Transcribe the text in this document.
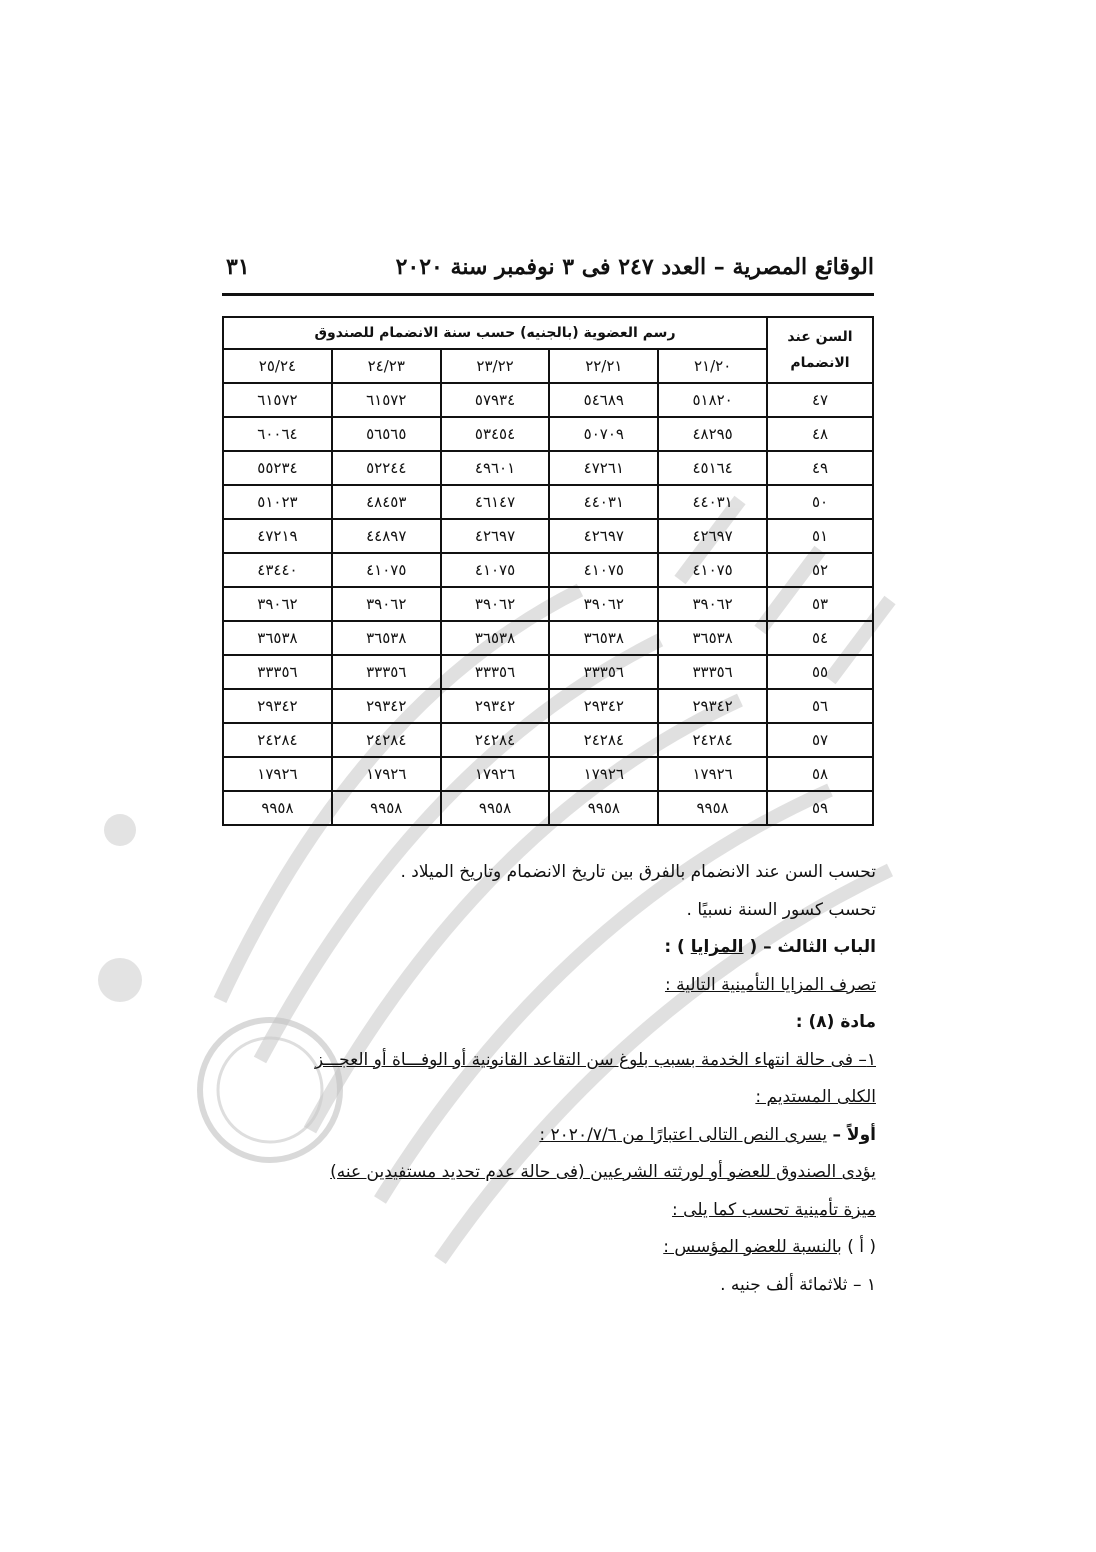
الوقائع المصرية – العدد ٢٤٧ فى ٣ نوفمبر سنة ٢٠٢٠
٣١
السن عند الانضمام	رسم العضوية (بالجنيه) حسب سنة الانضمام للصندوق				
	٢١/٢٠	٢٢/٢١	٢٣/٢٢	٢٤/٢٣	٢٥/٢٤
٤٧	٥١٨٢٠	٥٤٦٨٩	٥٧٩٣٤	٦١٥٧٢	٦١٥٧٢
٤٨	٤٨٢٩٥	٥٠٧٠٩	٥٣٤٥٤	٥٦٥٦٥	٦٠٠٦٤
٤٩	٤٥١٦٤	٤٧٢٦١	٤٩٦٠١	٥٢٢٤٤	٥٥٢٣٤
٥٠	٤٤٠٣١	٤٤٠٣١	٤٦١٤٧	٤٨٤٥٣	٥١٠٢٣
٥١	٤٢٦٩٧	٤٢٦٩٧	٤٢٦٩٧	٤٤٨٩٧	٤٧٢١٩
٥٢	٤١٠٧٥	٤١٠٧٥	٤١٠٧٥	٤١٠٧٥	٤٣٤٤٠
٥٣	٣٩٠٦٢	٣٩٠٦٢	٣٩٠٦٢	٣٩٠٦٢	٣٩٠٦٢
٥٤	٣٦٥٣٨	٣٦٥٣٨	٣٦٥٣٨	٣٦٥٣٨	٣٦٥٣٨
٥٥	٣٣٣٥٦	٣٣٣٥٦	٣٣٣٥٦	٣٣٣٥٦	٣٣٣٥٦
٥٦	٢٩٣٤٢	٢٩٣٤٢	٢٩٣٤٢	٢٩٣٤٢	٢٩٣٤٢
٥٧	٢٤٢٨٤	٢٤٢٨٤	٢٤٢٨٤	٢٤٢٨٤	٢٤٢٨٤
٥٨	١٧٩٢٦	١٧٩٢٦	١٧٩٢٦	١٧٩٢٦	١٧٩٢٦
٥٩	٩٩٥٨	٩٩٥٨	٩٩٥٨	٩٩٥٨	٩٩٥٨
تحسب السن عند الانضمام بالفرق بين تاريخ الانضمام وتاريخ الميلاد .
تحسب كسور السنة نسبيًا .
الباب الثالث – ( المزايا ) :
تصرف المزايا التأمينية التالية :
مادة (٨) :
١– فى حالة انتهاء الخدمة بسبب بلوغ سن التقاعد القانونية أو الوفـــاة أو العجـــز
الكلى المستديم :
أولاً – يسرى النص التالى اعتبارًا من ٢٠٢٠/٧/٦ :
يؤدى الصندوق للعضو أو لورثته الشرعيين (فى حالة عدم تحديد مستفيدين عنه)
ميزة تأمينية تحسب كما يلى :
( أ ) بالنسبة للعضو المؤسس :
١ – ثلاثمائة ألف جنيه .
